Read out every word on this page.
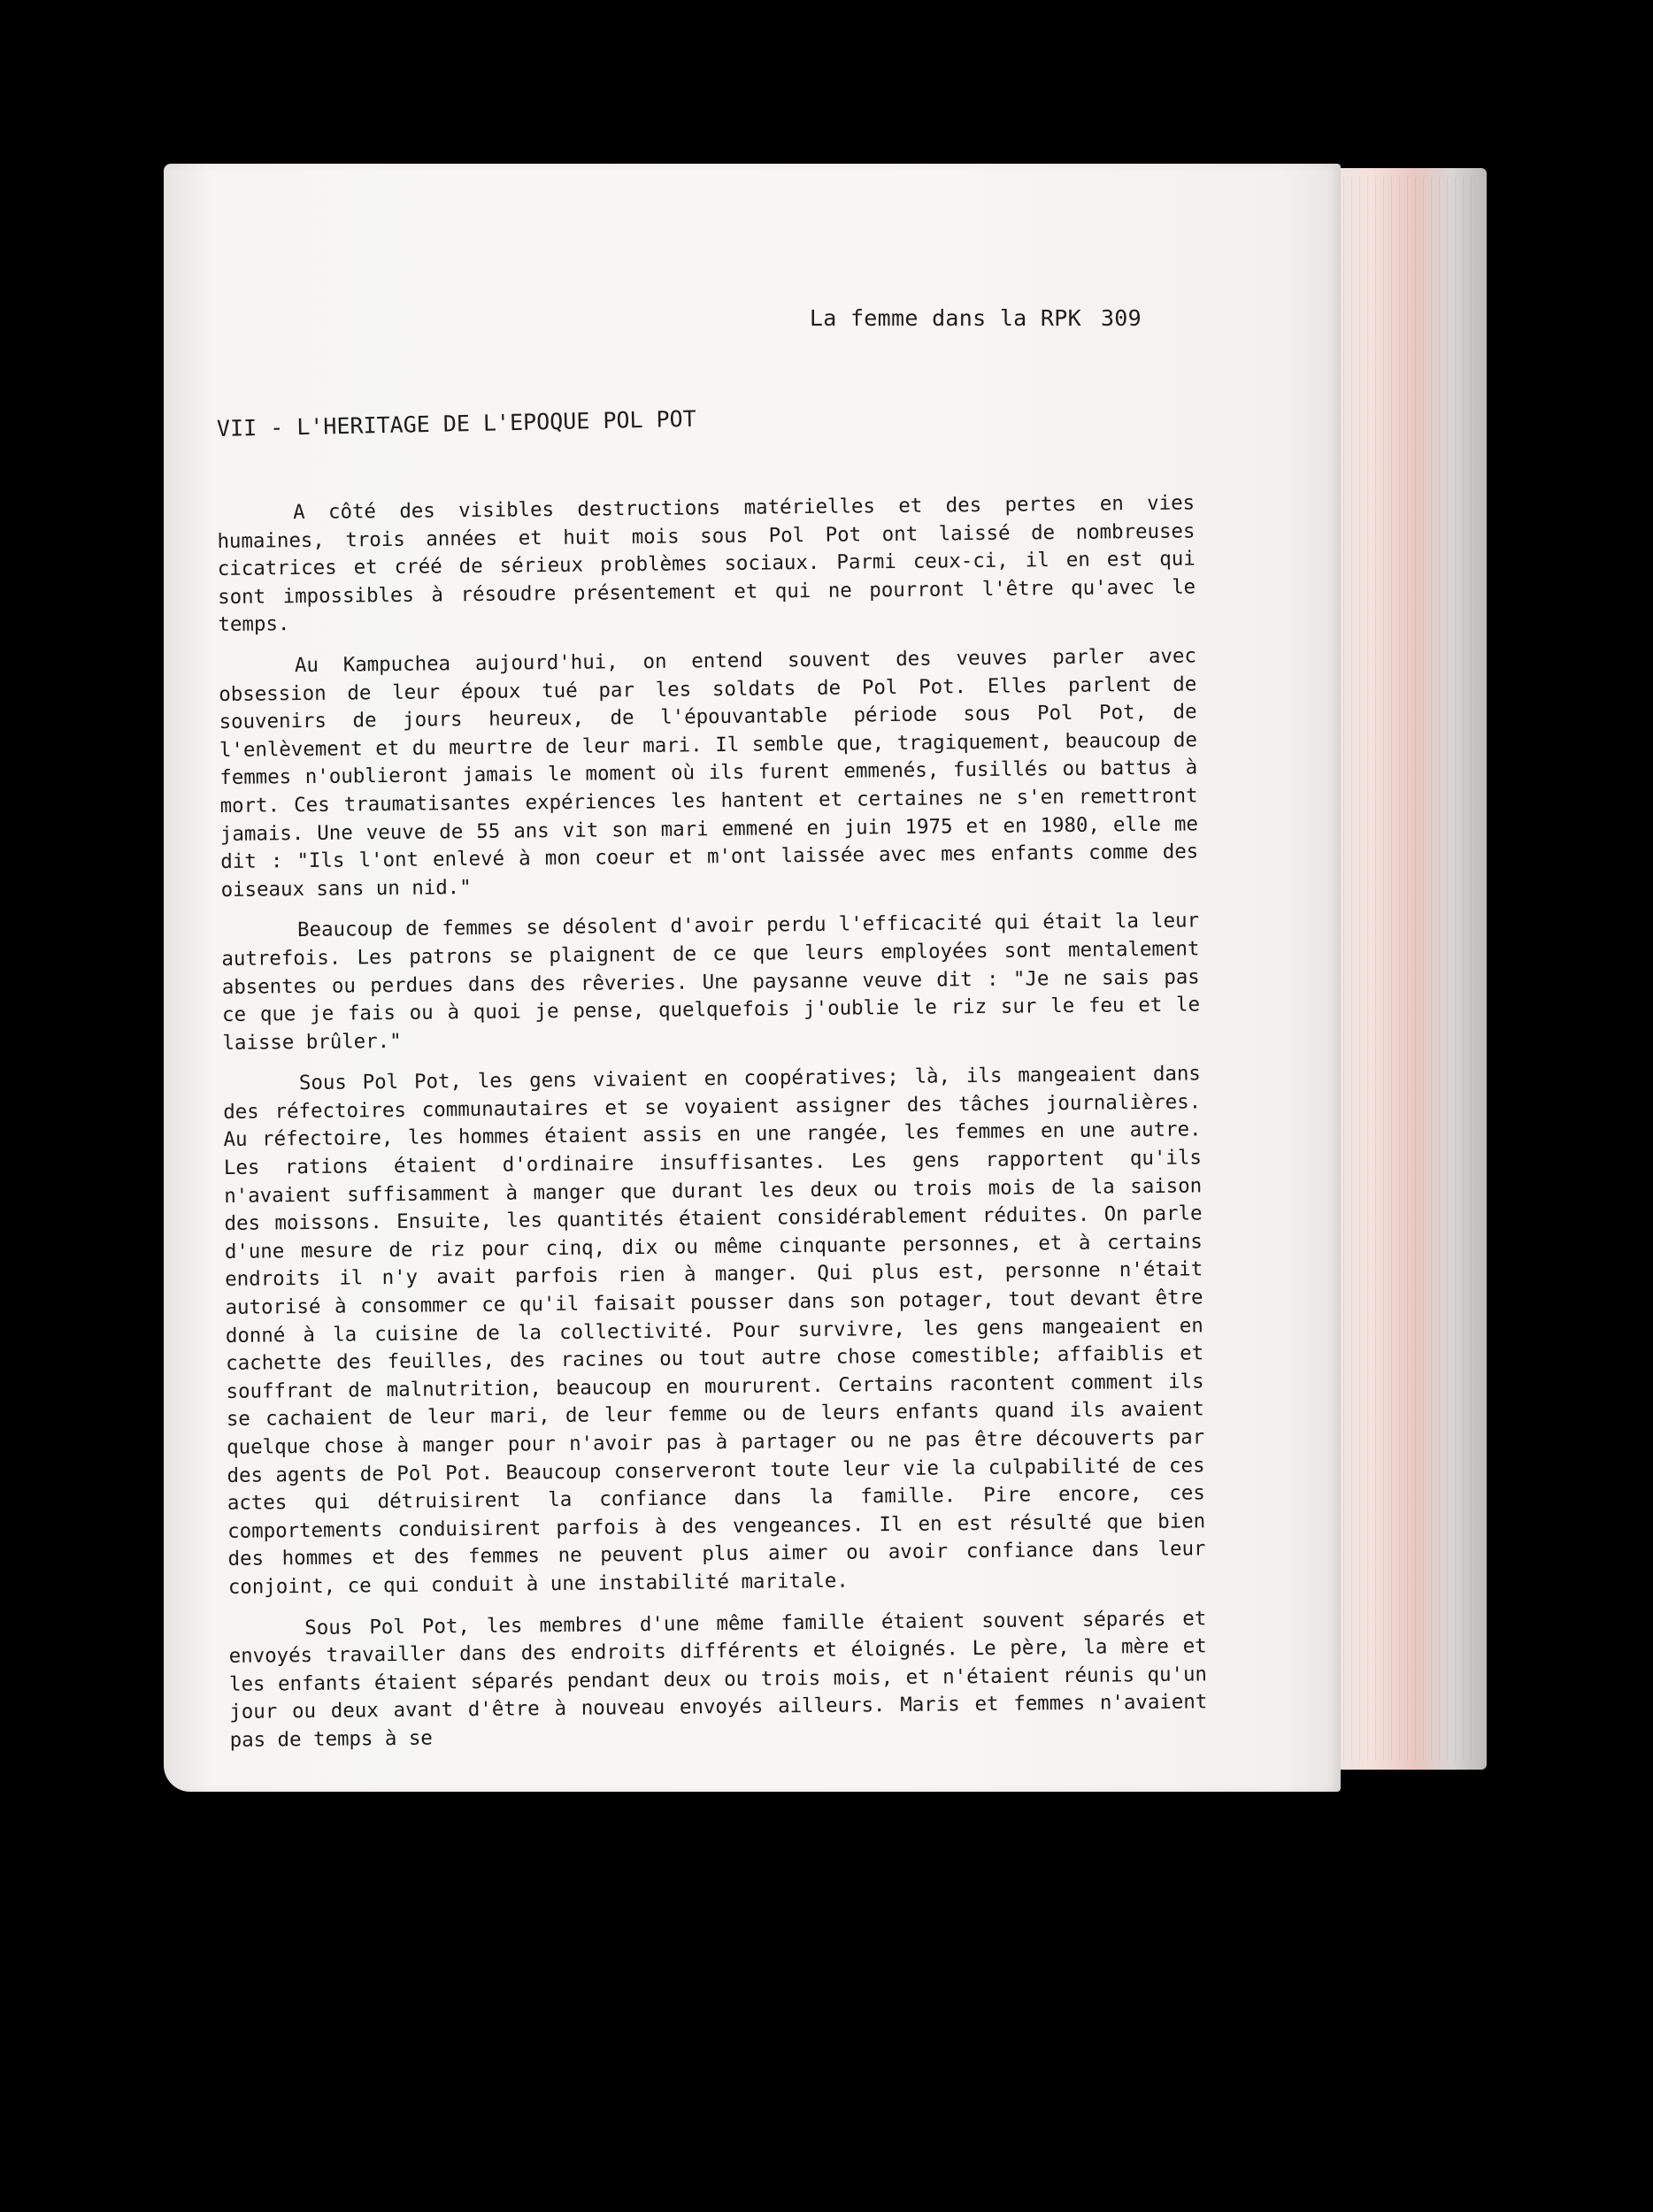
La femme dans la RPK 309
VII - L'HERITAGE DE L'EPOQUE POL POT

A côté des visibles destructions matérielles et des pertes en vies humaines, trois années et huit mois sous Pol Pot ont laissé de nombreuses cicatrices et créé de sérieux problèmes sociaux. Parmi ceux-ci, il en est qui sont impossibles à résoudre présentement et qui ne pourront l'être qu'avec le temps.

Au Kampuchea aujourd'hui, on entend souvent des veuves parler avec obsession de leur époux tué par les soldats de Pol Pot. Elles parlent de souvenirs de jours heureux, de l'épouvantable période sous Pol Pot, de l'enlèvement et du meurtre de leur mari. Il semble que, tragiquement, beaucoup de femmes n'oublieront jamais le moment où ils furent emmenés, fusillés ou battus à mort. Ces traumatisantes expériences les hantent et certaines ne s'en remettront jamais. Une veuve de 55 ans vit son mari emmené en juin 1975 et en 1980, elle me dit : "Ils l'ont enlevé à mon coeur et m'ont laissée avec mes enfants comme des oiseaux sans un nid."

Beaucoup de femmes se désolent d'avoir perdu l'efficacité qui était la leur autrefois. Les patrons se plaignent de ce que leurs employées sont mentalement absentes ou perdues dans des rêveries. Une paysanne veuve dit : "Je ne sais pas ce que je fais ou à quoi je pense, quelquefois j'oublie le riz sur le feu et le laisse brûler."

Sous Pol Pot, les gens vivaient en coopératives; là, ils mangeaient dans des réfectoires communautaires et se voyaient assigner des tâches journalières. Au réfectoire, les hommes étaient assis en une rangée, les femmes en une autre. Les rations étaient d'ordinaire insuffisantes. Les gens rapportent qu'ils n'avaient suffisamment à manger que durant les deux ou trois mois de la saison des moissons. Ensuite, les quantités étaient considérablement réduites. On parle d'une mesure de riz pour cinq, dix ou même cinquante personnes, et à certains endroits il n'y avait parfois rien à manger. Qui plus est, personne n'était autorisé à consommer ce qu'il faisait pousser dans son potager, tout devant être donné à la cuisine de la collectivité. Pour survivre, les gens mangeaient en cachette des feuilles, des racines ou tout autre chose comestible; affaiblis et souffrant de malnutrition, beaucoup en moururent. Certains racontent comment ils se cachaient de leur mari, de leur femme ou de leurs enfants quand ils avaient quelque chose à manger pour n'avoir pas à partager ou ne pas être découverts par des agents de Pol Pot. Beaucoup conserveront toute leur vie la culpabilité de ces actes qui détruisirent la confiance dans la famille. Pire encore, ces comportements conduisirent parfois à des vengeances. Il en est résulté que bien des hommes et des femmes ne peuvent plus aimer ou avoir confiance dans leur conjoint, ce qui conduit à une instabilité maritale.

Sous Pol Pot, les membres d'une même famille étaient souvent séparés et envoyés travailler dans des endroits différents et éloignés. Le père, la mère et les enfants étaient séparés pendant deux ou trois mois, et n'étaient réunis qu'un jour ou deux avant d'être à nouveau envoyés ailleurs. Maris et femmes n'avaient pas de temps à se
